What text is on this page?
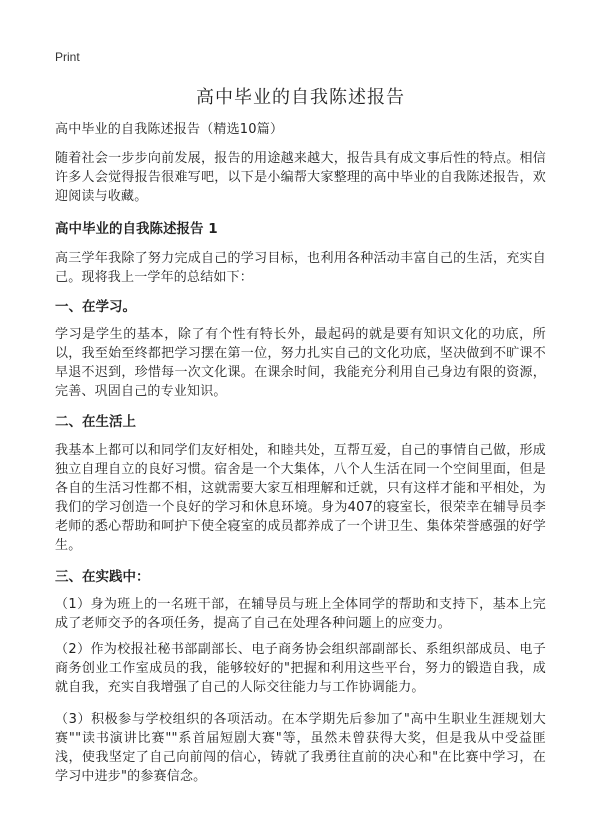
Print
高中毕业的自我陈述报告

高中毕业的自我陈述报告（精选10篇）

随着社会一步步向前发展，报告的用途越来越大，报告具有成文事后性的特点。相信许多人会觉得报告很难写吧，以下是小编帮大家整理的高中毕业的自我陈述报告，欢迎阅读与收藏。

高中毕业的自我陈述报告 1

高三学年我除了努力完成自己的学习目标，也利用各种活动丰富自己的生活，充实自己。现将我上一学年的总结如下：

一、在学习。

学习是学生的基本，除了有个性有特长外，最起码的就是要有知识文化的功底，所以，我至始至终都把学习摆在第一位，努力扎实自己的文化功底，坚决做到不旷课不早退不迟到，珍惜每一次文化课。在课余时间，我能充分利用自己身边有限的资源，完善、巩固自己的专业知识。

二、在生活上

我基本上都可以和同学们友好相处，和睦共处，互帮互爱，自己的事情自己做，形成独立自理自立的良好习惯。宿舍是一个大集体，八个人生活在同一个空间里面，但是各自的生活习性都不相，这就需要大家互相理解和迁就，只有这样才能和平相处，为我们的学习创造一个良好的学习和休息环境。身为407的寝室长，很荣幸在辅导员李老师的悉心帮助和呵护下使全寝室的成员都养成了一个讲卫生、集体荣誉感强的好学生。

三、在实践中：

（1）身为班上的一名班干部，在辅导员与班上全体同学的帮助和支持下，基本上完成了老师交予的各项任务，提高了自己在处理各种问题上的应变力。

（2）作为校报社秘书部副部长、电子商务协会组织部副部长、系组织部成员、电子商务创业工作室成员的我，能够较好的"把握和利用这些平台，努力的锻造自我，成就自我，充实自我增强了自己的人际交往能力与工作协调能力。

（3）积极参与学校组织的各项活动。在本学期先后参加了"高中生职业生涯规划大赛""读书演讲比赛""系首届短剧大赛"等，虽然未曾获得大奖，但是我从中受益匪浅，使我坚定了自己向前闯的信心，铸就了我勇往直前的决心和"在比赛中学习，在学习中进步"的参赛信念。
